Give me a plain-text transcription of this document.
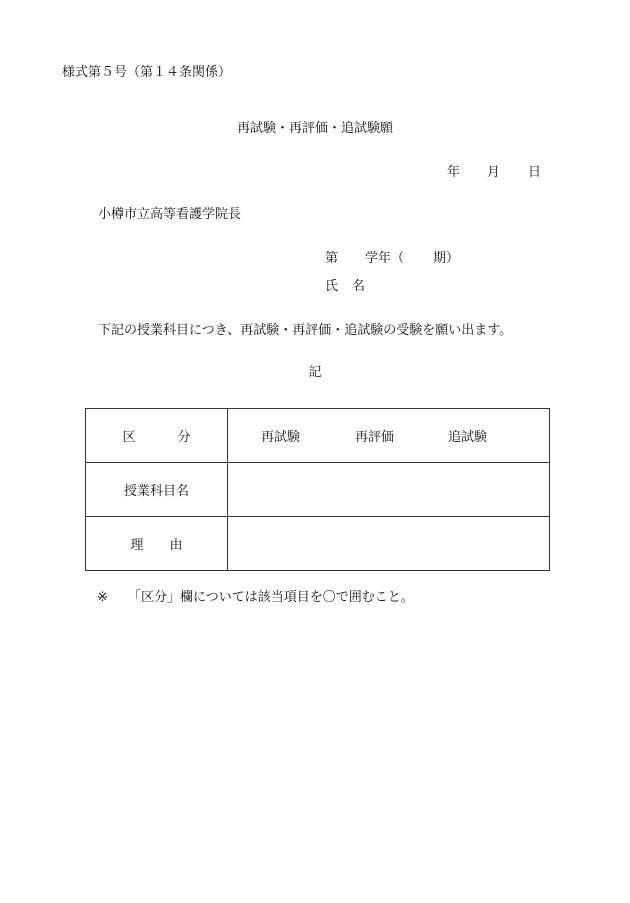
様式第５号（第１４条関係）
再試験・再評価・追試験願
年 月 日
小樽市立高等看護学院長
第 学年（ 期 ）
氏 名
下記の授業科目につき、再試験・再評価・追試験の受験を願い出ます。
記
区 分	再試験 再評価 追試験

授業科目名	
理 由	
※ 「区分」欄については該当項目を〇で囲むこと。
